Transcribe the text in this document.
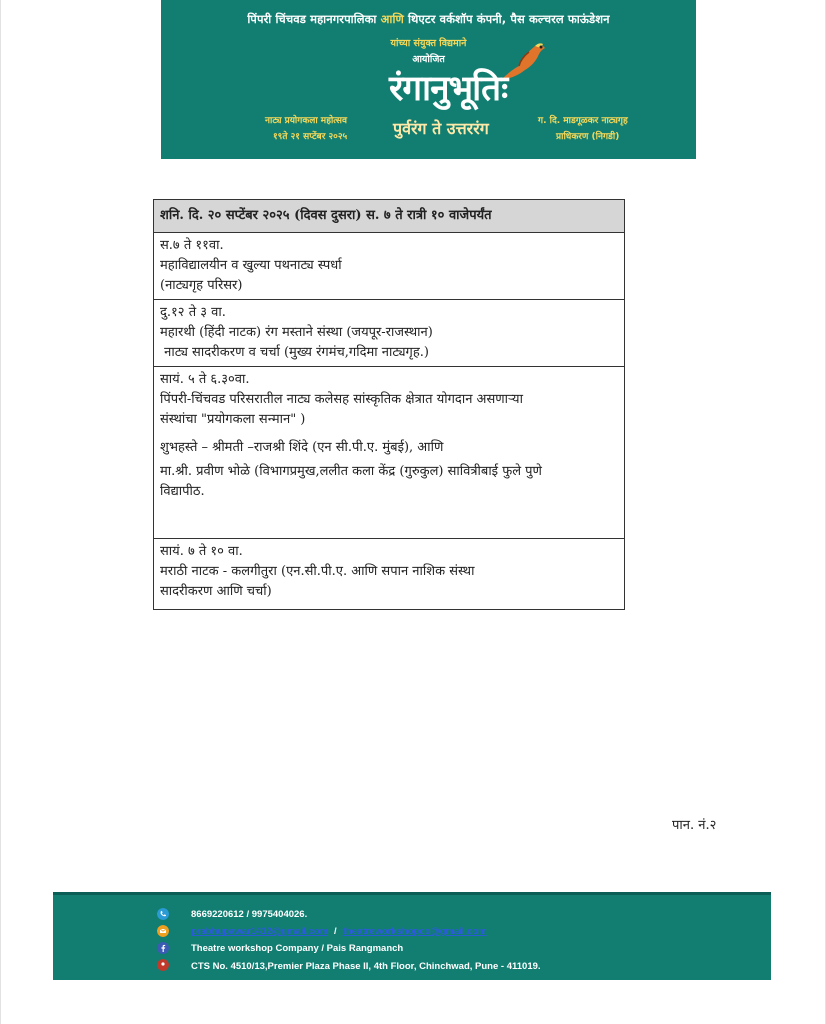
पिंपरी चिंचवड महानगरपालिका आणि थिएटर वर्कशॉप कंपनी, पैस कल्चरल फाऊंडेशन
यांच्या संयुक्त विद्यमाने
आयोजित
रंगानुभूतिः
पुर्वरंग ते उत्तररंग
नाट्य प्रयोगकला महोत्सव
१९ते २१ सप्टेंबर २०२५
ग. दि. माडगूळकर नाट्यगृह
प्राधिकरण (निगडी)
शनि. दि. २० सप्टेंबर २०२५ (दिवस दुसरा) स. ७ ते रात्री १० वाजेपर्यंत

स.७ ते ११वा.
महाविद्यालयीन व खुल्या पथनाट्य स्पर्धा
(नाट्यगृह परिसर)

दु.१२ ते ३ वा.
महारथी (हिंदी नाटक) रंग मस्ताने संस्था (जयपूर-राजस्थान)
नाट्य सादरीकरण व चर्चा (मुख्य रंगमंच,गदिमा नाट्यगृह.)

सायं. ५ ते ६.३०वा.
पिंपरी-चिंचवड परिसरातील नाट्य कलेसह सांस्कृतिक क्षेत्रात योगदान असणाऱ्या
संस्थांचा "प्रयोगकला सन्मान" )
शुभहस्ते – श्रीमती –राजश्री शिंदे (एन सी.पी.ए. मुंबई), आणि
मा.श्री. प्रवीण भोळे (विभागप्रमुख,ललीत कला केंद्र (गुरुकुल) सावित्रीबाई फुले पुणे
विद्यापीठ.

सायं. ७ ते १० वा.
मराठी नाटक - कलगीतुरा (एन.सी.पी.ए. आणि सपान नाशिक संस्था
सादरीकरण आणि चर्चा)
पान. नं.२
8669220612 / 9975404026.
prabhupawar1412@gmail.com / theatreworkshopco@gmail.com
Theatre workshop Company / Pais Rangmanch
CTS No. 4510/13,Premier Plaza Phase II, 4th Floor, Chinchwad, Pune - 411019.
